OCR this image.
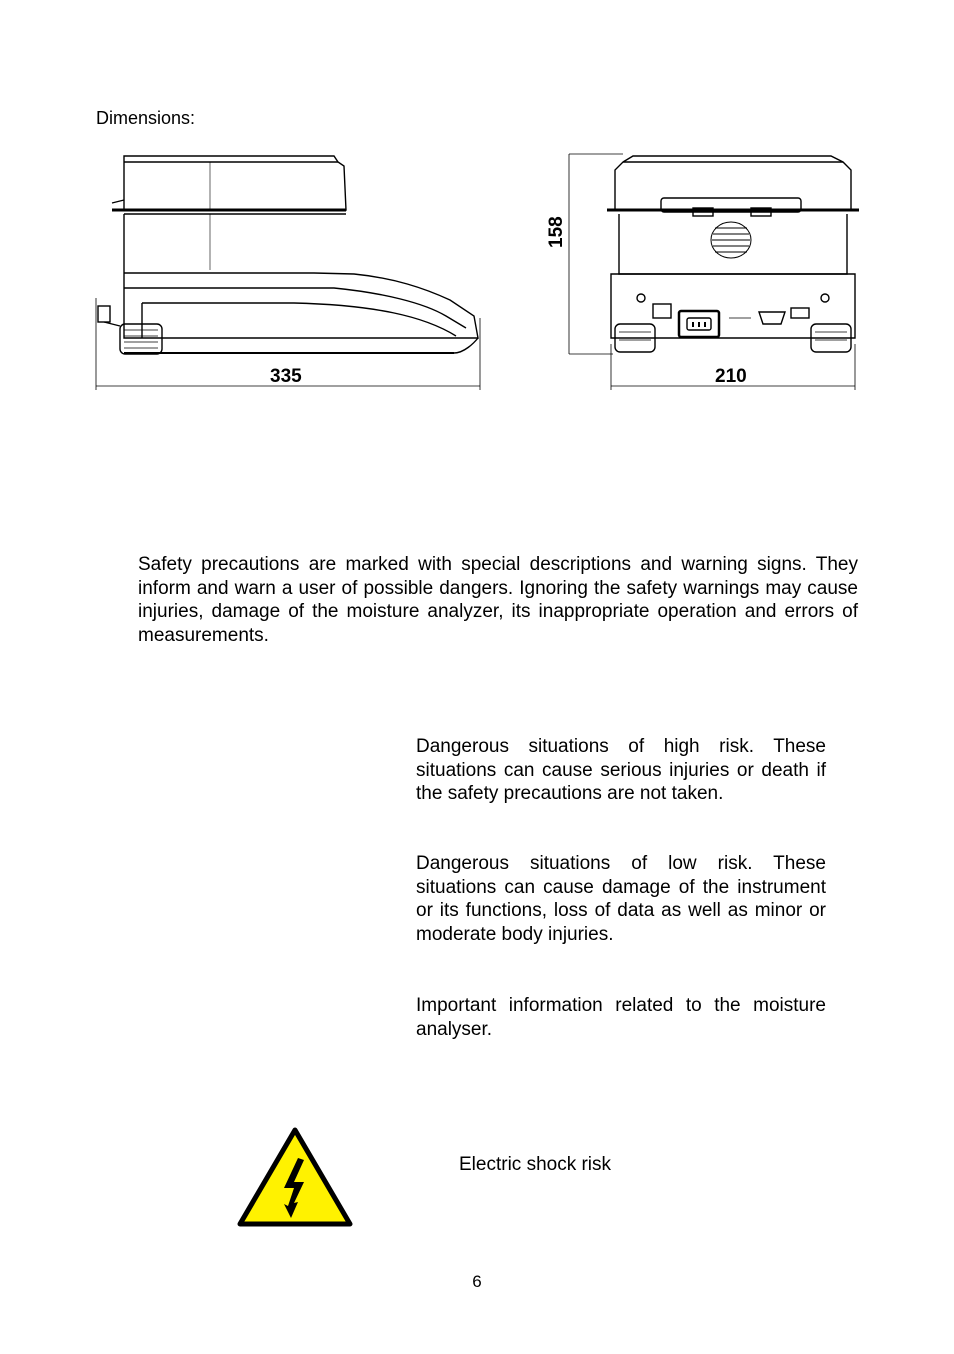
Dimensions:
335	210
158
Safety precautions are marked with special descriptions and warning signs. They inform and warn a user of possible dangers. Ignoring the safety warnings may cause injuries, damage of the moisture analyzer, its inappropriate operation and errors of measurements.
Dangerous situations of high risk. These situations can cause serious injuries or death if the safety precautions are not taken.
Dangerous situations of low risk. These situations can cause damage of the instrument or its functions, loss of data as well as minor or moderate body injuries.
Important information related to the moisture analyser.
Electric shock risk
6
